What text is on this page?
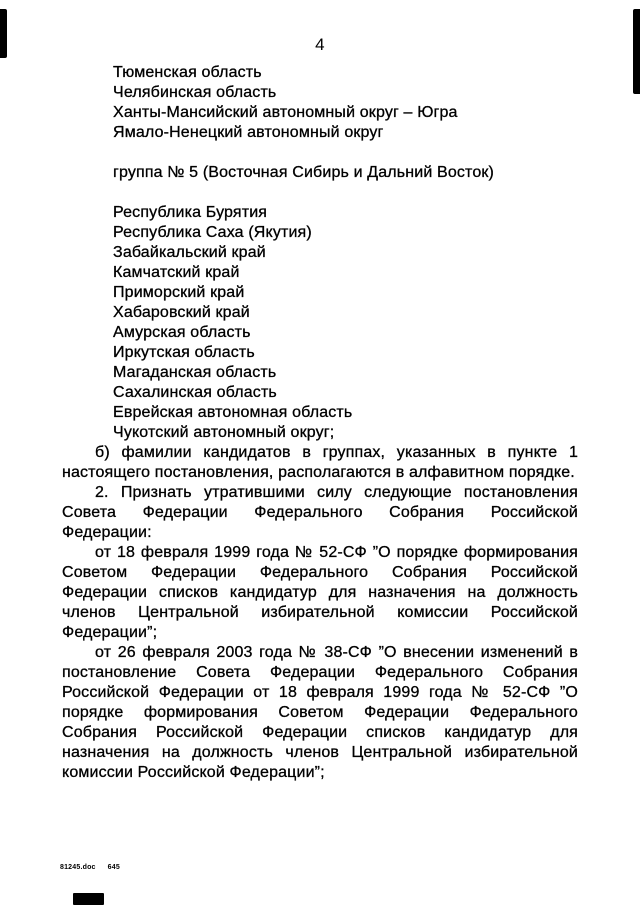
4
Тюменская область
Челябинская область
Ханты-Мансийский автономный округ – Югра
Ямало-Ненецкий автономный округ
группа № 5 (Восточная Сибирь и Дальний Восток)
Республика Бурятия
Республика Саха (Якутия)
Забайкальский край
Камчатский край
Приморский край
Хабаровский край
Амурская область
Иркутская область
Магаданская область
Сахалинская область
Еврейская автономная область
Чукотский автономный округ;
б) фамилии кандидатов в группах, указанных в пункте 1 настоящего постановления, располагаются в алфавитном порядке.
2. Признать утратившими силу следующие постановления Совета Федерации Федерального Собрания Российской Федерации:
от 18 февраля 1999 года № 52-СФ ”О порядке формирования Советом Федерации Федерального Собрания Российской Федерации списков кандидатур для назначения на должность членов Центральной избирательной комиссии Российской Федерации”;
от 26 февраля 2003 года № 38-СФ ”О внесении изменений в постановление Совета Федерации Федерального Собрания Российской Федерации от 18 февраля 1999 года № 52-СФ ”О порядке формирования Советом Федерации Федерального Собрания Российской Федерации списков кандидатур для назначения на должность членов Центральной избирательной комиссии Российской Федерации”;
81245.doc 645
